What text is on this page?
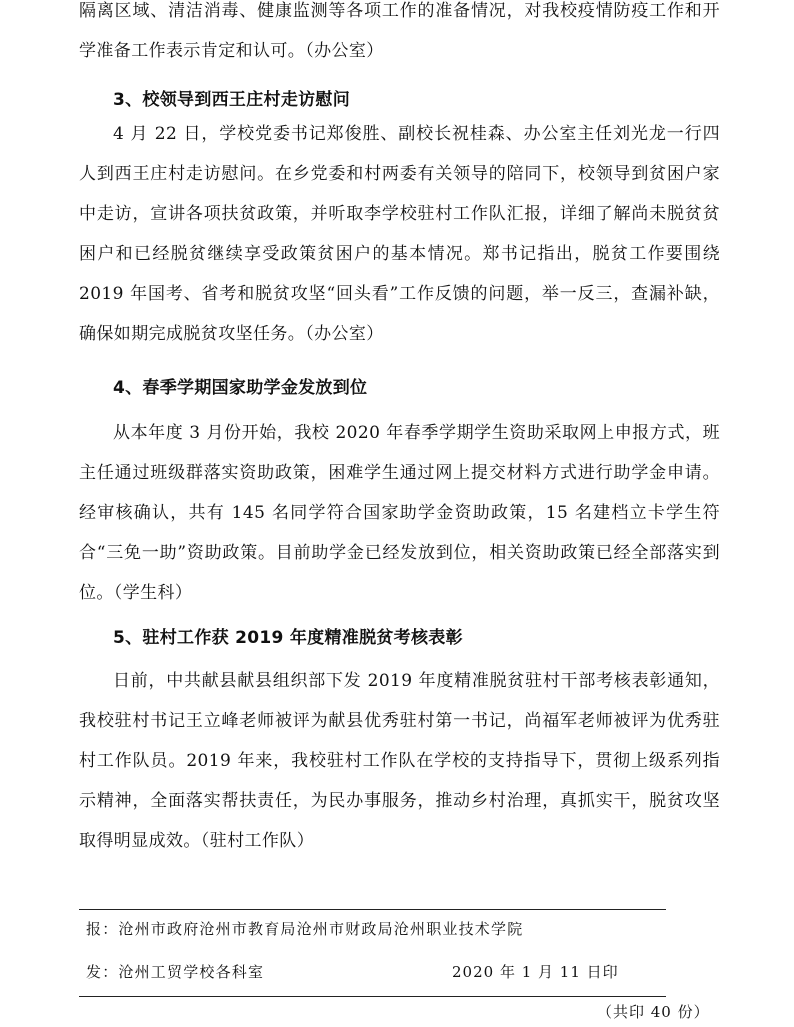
隔离区域、清洁消毒、健康监测等各项工作的准备情况，对我校疫情防疫工作和开学准备工作表示肯定和认可。（办公室）

3、校领导到西王庄村走访慰问

4 月 22 日，学校党委书记郑俊胜、副校长祝桂森、办公室主任刘光龙一行四人到西王庄村走访慰问。在乡党委和村两委有关领导的陪同下，校领导到贫困户家中走访，宣讲各项扶贫政策，并听取李学校驻村工作队汇报，详细了解尚未脱贫贫困户和已经脱贫继续享受政策贫困户的基本情况。郑书记指出，脱贫工作要围绕 2019 年国考、省考和脱贫攻坚“回头看”工作反馈的问题，举一反三，查漏补缺，确保如期完成脱贫攻坚任务。（办公室）

4、春季学期国家助学金发放到位

从本年度 3 月份开始，我校 2020 年春季学期学生资助采取网上申报方式，班主任通过班级群落实资助政策，困难学生通过网上提交材料方式进行助学金申请。经审核确认，共有 145 名同学符合国家助学金资助政策，15 名建档立卡学生符合“三免一助”资助政策。目前助学金已经发放到位，相关资助政策已经全部落实到位。（学生科）

5、驻村工作获 2019 年度精准脱贫考核表彰

日前，中共献县献县组织部下发 2019 年度精准脱贫驻村干部考核表彰通知，我校驻村书记王立峰老师被评为献县优秀驻村第一书记，尚福军老师被评为优秀驻村工作队员。2019 年来，我校驻村工作队在学校的支持指导下，贯彻上级系列指示精神，全面落实帮扶责任，为民办事服务，推动乡村治理，真抓实干，脱贫攻坚取得明显成效。（驻村工作队）

报：沧州市政府沧州市教育局沧州市财政局沧州职业技术学院
发：沧州工贸学校各科室	2020 年 1 月 11 日印
（共印 40 份）
